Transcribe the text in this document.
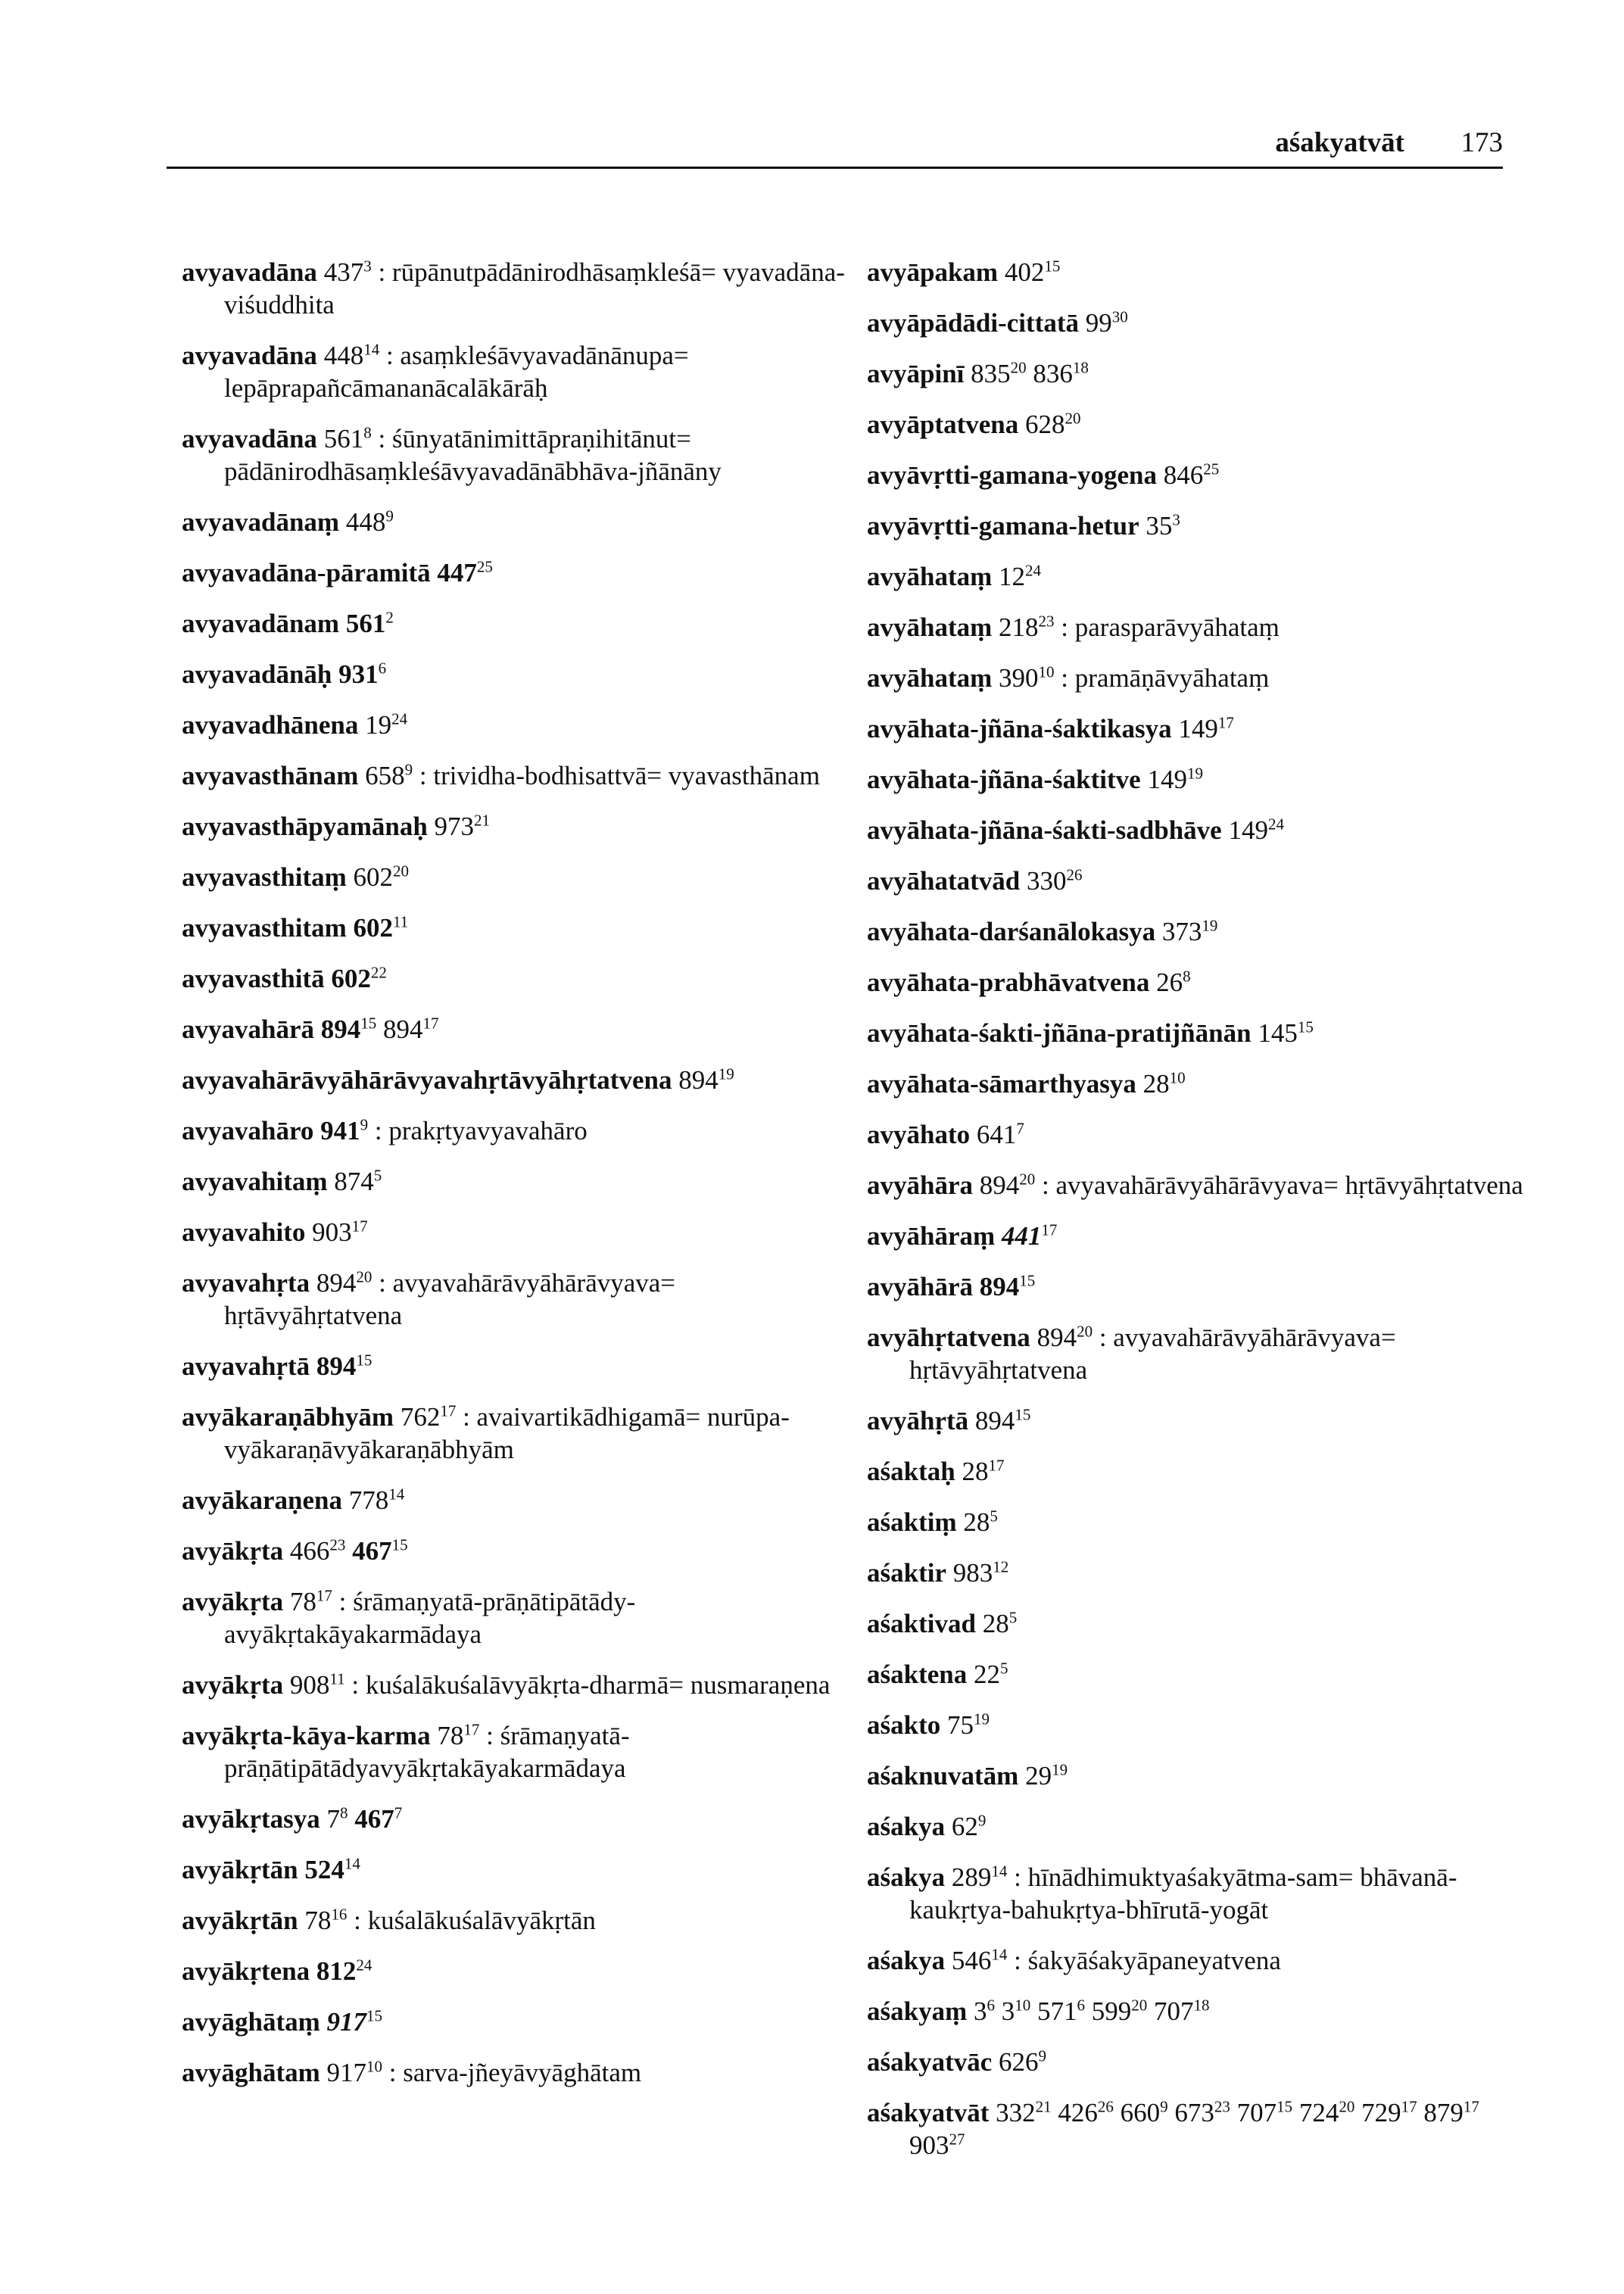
aśakyatvāt 173
avyavadāna $437^3$ : rūpānutpādānirodhāsaṃkleśā= vyavadāna-viśuddhita
avyavadāna $448^{14}$ : asaṃkleśāvyavadānānupa= lepāprapañcāmananācalākārāḥ
avyavadāna $561^8$ : śūnyatānimittāpraṇihitānut= pādānirodhāsaṃkleśāvyavadānābhāva-jñānāny
avyavadānaṃ $448^9$
avyavadāna-pāramitā $447^{25}$
avyavadānam $561^2$
avyavadānāḥ $931^6$
avyavadhānena $19^{24}$
avyavasthānam $658^9$ : trividha-bodhisattvā= vyavasthānam
avyavasthāpyamānaḥ $973^{21}$
avyavasthitaṃ $602^{20}$
avyavasthitam $602^{11}$
avyavasthitā $602^{22}$
avyavahārā $894^{15}$ $894^{17}$
avyavahārāvyāhārāvyavahṛtāvyāhṛtatvena $894^{19}$
avyavahāro $941^9$ : prakṛtyavyavahāro
avyavahitaṃ $874^5$
avyavahito $903^{17}$
avyavahṛta $894^{20}$ : avyavahārāvyāhārāvyava= hṛtāvyāhṛtatvena
avyavahṛtā $894^{15}$
avyākaraṇābhyām $762^{17}$ : avaivartikādhigamā= nurūpa-vyākaraṇāvyākaraṇābhyām
avyākaraṇena $778^{14}$
avyākṛta $466^{23}$ $467^{15}$
avyākṛta $78^{17}$ : śrāmaṇyatā-prāṇātipātādy- avyākṛtakāyakarmādaya
avyākṛta $908^{11}$ : kuśalākuśalāvyākṛta-dharmā= nusmaraṇena
avyākṛta-kāya-karma $78^{17}$ : śrāmaṇyatā- prāṇātipātādyavyākṛtakāyakarmādaya
avyākṛtasya $7^8$ $467^7$
avyākṛtān $524^{14}$
avyākṛtān $78^{16}$ : kuśalākuśalāvyākṛtān
avyākṛtena $812^{24}$
avyāghātaṃ $917^{15}$
avyāghātam $917^{10}$ : sarva-jñeyāvyāghātam
avyāpakam $402^{15}$
avyāpādādi-cittatā $99^{30}$
avyāpinī $835^{20}$ $836^{18}$
avyāptatvena $628^{20}$
avyāvṛtti-gamana-yogena $846^{25}$
avyāvṛtti-gamana-hetur $35^3$
avyāhataṃ $12^{24}$
avyāhataṃ $218^{23}$ : parasparāvyāhataṃ
avyāhataṃ $390^{10}$ : pramāṇāvyāhataṃ
avyāhata-jñāna-śaktikasya $149^{17}$
avyāhata-jñāna-śaktitve $149^{19}$
avyāhata-jñāna-śakti-sadbhāve $149^{24}$
avyāhatatvād $330^{26}$
avyāhata-darśanālokasya $373^{19}$
avyāhata-prabhāvatvena $26^8$
avyāhata-śakti-jñāna-pratijñānān $145^{15}$
avyāhata-sāmarthyasya $28^{10}$
avyāhato $641^7$
avyāhāra $894^{20}$ : avyavahārāvyāhārāvyava= hṛtāvyāhṛtatvena
avyāhāraṃ $441^{17}$
avyāhārā $894^{15}$
avyāhṛtatvena $894^{20}$ : avyavahārāvyāhārāvyava= hṛtāvyāhṛtatvena
avyāhṛtā $894^{15}$
aśaktaḥ $28^{17}$
aśaktiṃ $28^5$
aśaktir $983^{12}$
aśaktivad $28^5$
aśaktena $22^5$
aśakto $75^{19}$
aśaknuvatām $29^{19}$
aśakya $62^9$
aśakya $289^{14}$ : hīnādhimuktyaśakyātma-sam= bhāvanā-kaukṛtya-bahukṛtya-bhīrutā-yogāt
aśakya $546^{14}$ : śakyāśakyāpaneyatvena
aśakyaṃ $3^6$ $3^{10}$ $571^6$ $599^{20}$ $707^{18}$
aśakyatvāc $626^9$
aśakyatvāt $332^{21}$ $426^{26}$ $660^9$ $673^{23}$ $707^{15}$ $724^{20}$ $729^{17}$ $879^{17}$ $903^{27}$
